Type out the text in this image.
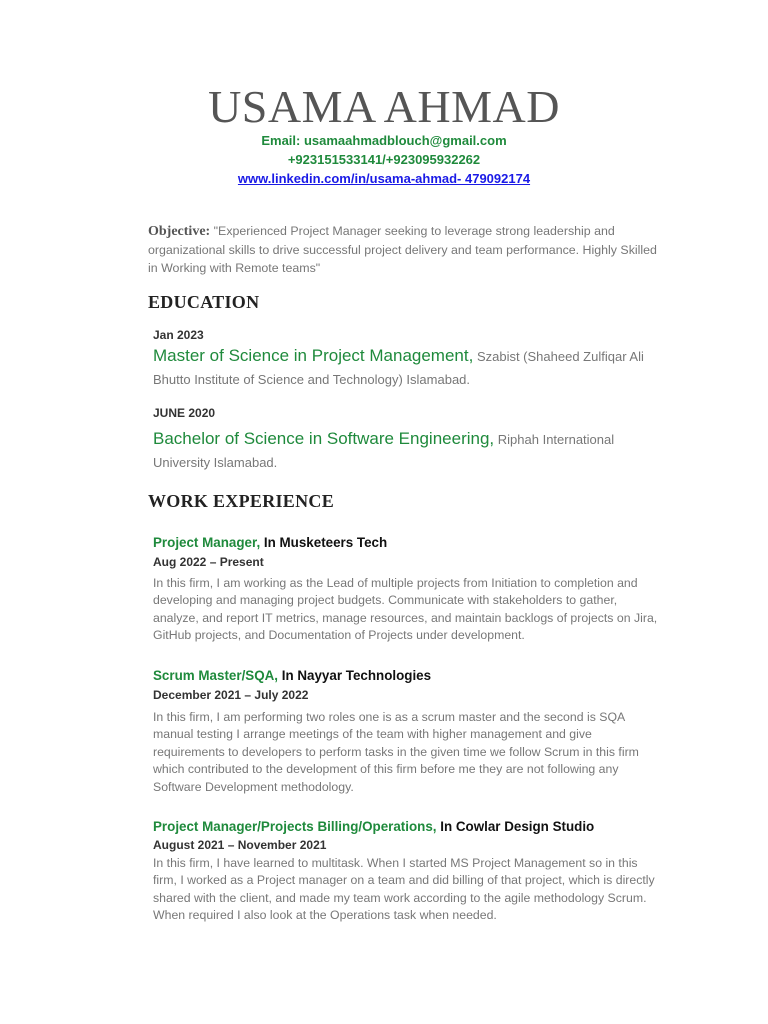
USAMA AHMAD
Email: usamaahmadblouch@gmail.com
+923151533141/+923095932262
www.linkedin.com/in/usama-ahmad- 479092174
Objective: "Experienced Project Manager seeking to leverage strong leadership and organizational skills to drive successful project delivery and team performance. Highly Skilled in Working with Remote teams"
EDUCATION
Jan 2023
Master of Science in Project Management, Szabist (Shaheed Zulfiqar Ali Bhutto Institute of Science and Technology) Islamabad.
JUNE 2020
Bachelor of Science in Software Engineering, Riphah International University Islamabad.
WORK EXPERIENCE
Project Manager, In Musketeers Tech
Aug 2022 – Present
In this firm, I am working as the Lead of multiple projects from Initiation to completion and developing and managing project budgets. Communicate with stakeholders to gather, analyze, and report IT metrics, manage resources, and maintain backlogs of projects on Jira, GitHub projects, and Documentation of Projects under development.
Scrum Master/SQA, In Nayyar Technologies
December 2021 – July 2022
In this firm, I am performing two roles one is as a scrum master and the second is SQA manual testing I arrange meetings of the team with higher management and give requirements to developers to perform tasks in the given time we follow Scrum in this firm which contributed to the development of this firm before me they are not following any Software Development methodology.
Project Manager/Projects Billing/Operations, In Cowlar Design Studio
August 2021 – November 2021
In this firm, I have learned to multitask. When I started MS Project Management so in this firm, I worked as a Project manager on a team and did billing of that project, which is directly shared with the client, and made my team work according to the agile methodology Scrum. When required I also look at the Operations task when needed.
